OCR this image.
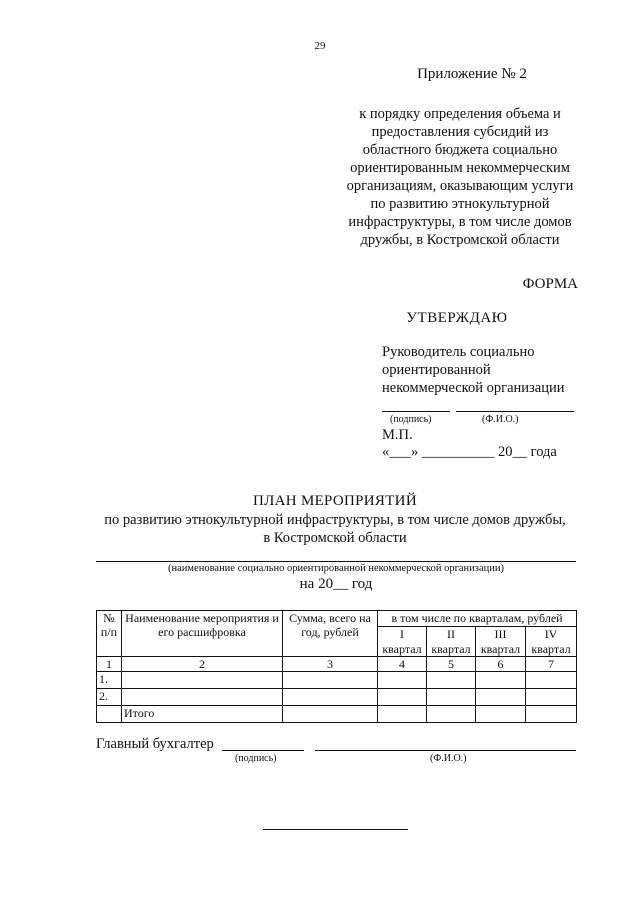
29
Приложение № 2
к порядку определения объема и
предоставления субсидий из
областного бюджета социально
ориентированным некоммерческим
организациям, оказывающим услуги
по развитию этнокультурной
инфраструктуры, в том числе домов
дружбы, в Костромской области
ФОРМА
УТВЕРЖДАЮ
Руководитель социально
ориентированной
некоммерческой организации
(подпись)	(Ф.И.О.)
М.П.
«___» __________ 20__ года
ПЛАН МЕРОПРИЯТИЙ
по развитию этнокультурной инфраструктуры, в том числе домов дружбы,
в Костромской области
(наименование социально ориентированной некоммерческой организации)
на 20__ год
№ п/п	Наименование мероприятия и его расшифровка	Сумма, всего на год, рублей	в том числе по кварталам, рублей			
			I	II	III	IV
			квартал	квартал	квартал	квартал
1	2	3	4	5	6	7
1.						
2.						
	Итого					
Главный бухгалтер
(подпись)	(Ф.И.О.)
